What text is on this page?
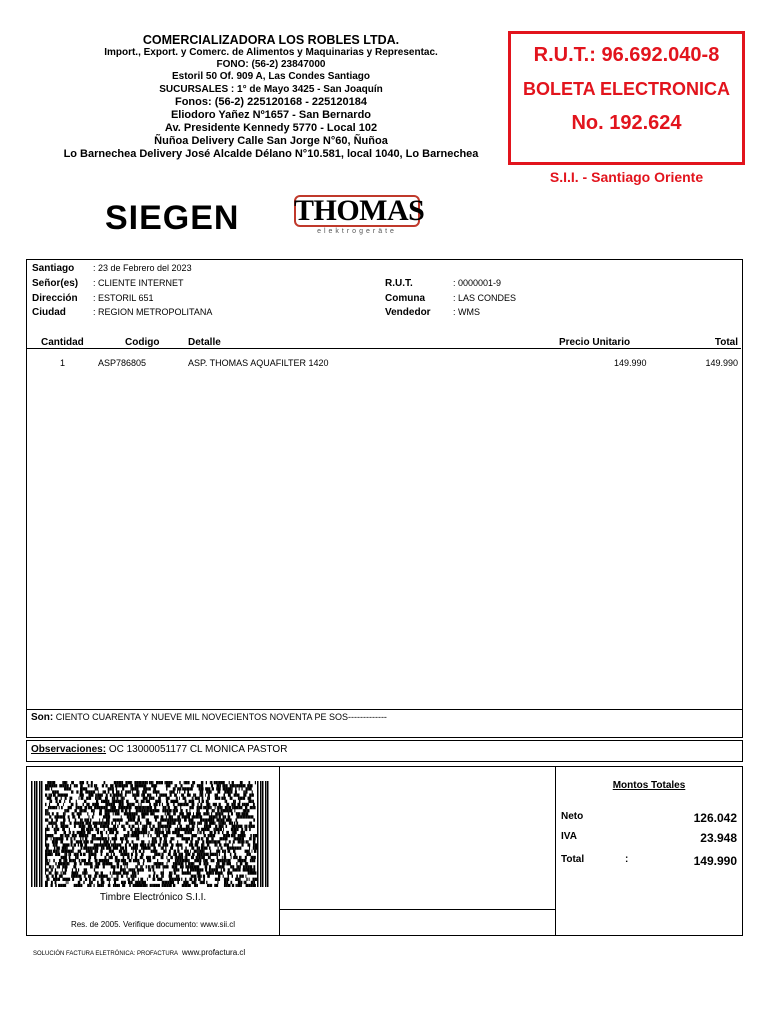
COMERCIALIZADORA LOS ROBLES LTDA.
Import., Export. y Comerc. de Alimentos y Maquinarias y Representac.
FONO: (56-2) 23847000
Estoril 50 Of. 909 A, Las Condes Santiago
SUCURSALES : 1° de Mayo 3425 - San Joaquín
Fonos: (56-2) 225120168 - 225120184
Eliodoro Yañez Nº1657 - San Bernardo
Av. Presidente Kennedy 5770 - Local 102
Ñuñoa Delivery Calle San Jorge N°60, Ñuñoa
Lo Barnechea Delivery José Alcalde Délano N°10.581, local 1040, Lo Barnechea
R.U.T.: 96.692.040-8
BOLETA ELECTRONICA
No. 192.624
S.I.I. - Santiago Oriente
SIEGEN THOMAS
elektrogeräte
Santiago : 23 de Febrero del 2023
Señor(es) : CLIENTE INTERNET
Dirección : ESTORIL 651
Ciudad	: REGION METROPOLITANA
R.U.T.	: 0000001-9
Comuna	: LAS CONDES
Vendedor : WMS
Cantidad	Codigo	Detalle	Precio Unitario	Total
1	ASP786805	ASP. THOMAS AQUAFILTER 1420	149.990	149.990
Son: CIENTO CUARENTA Y NUEVE MIL NOVECIENTOS NOVENTA PE SOS-------------
Observaciones: OC 13000051177 CL MONICA PASTOR
Timbre Electrónico S.I.I.
Res. de 2005. Verifique documento: www.sii.cl
Montos Totales
Neto	126.042
IVA	23.948
Total	:	149.990
SOLUCIÓN FACTURA ELETRÓNICA: PROFACTURA www.profactura.cl
